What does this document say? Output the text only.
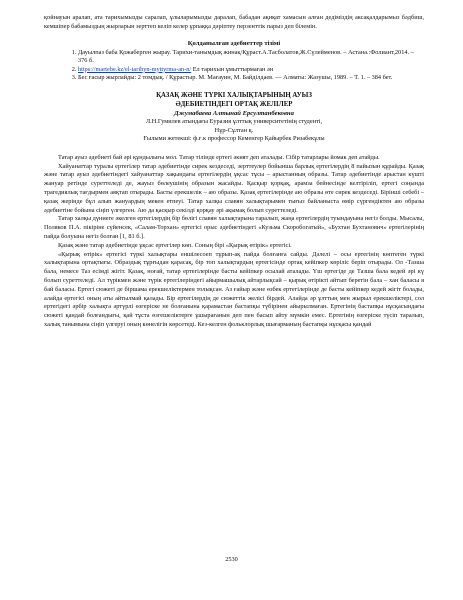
қойнауын аралап, ата тарихымызды саралап, ұлыларымызды даралап, бабадан ақиқат хамасын алған дедіміздің аксақалдарымыз бәдбиш, кемшіпер бабамыздың жырларын зерттеп келіп келер ұрпаққа дәріптеу перзенттік парыз деп білемін.

Қолданылған әдебиеттер тізімі

1. Дауылпаз баба Қожаберген жырау. Тарихи-танымдық жинақ/Құраст.А.Тасболатов,Ж.Сүлейменов. – Астана.:Фолиант,2014. – 376 б.
2. https://martebe.kz/el-tarihyn-myttyrma-an-n/ Ел тарихын ұмыттырмаған ән
3. Бес ғасыр жырлайды: 2 томдық. / Құрастыр. М. Мағауин, М. Байділдаев. — Алматы: Жазушы, 1989. – Т. 1. – 384 бет.

ҚАЗАҚ ЖӘНЕ ТҮРКІ ХАЛЫҚТАРЫНЫҢ АУЫЗ

ӘДЕБИЕТІНДЕГІ ОРТАҚ ЖЕЛІЛЕР

Джумабаева Алтынай Ерсултанбековна

Л.Н.Гумилев атындағы Еуразия ұлттық университетінің студенті,

Нұр-Сұлтан қ.

Ғылыми жетекші: ф.ғ.к профессор Кеменгер Қайырбек Ризабекұлы

Татар ауыз әдебиеті бай әрі құндылығы мол. Татар тілінде ертегі әкият деп аталады. Сібір татарлары йомак деп атайды.

Хайуанаттар туралы ертегілер татар әдебиетінде сирек кездеседі, зерттеулер бойынша барлық ертегілердің 8 пайызын құрайды. Қазақ және татар ауыз әдебиетіндегі хайуанаттар хақындағы ертегілердің ұқсас тұсы – арыстанның образы. Татар әдебиетінде арыстан күшті жануар ретінде суреттеледі де, жауыз бөлеушінің образын жасайды. Қасқыр қорқақ, арамза бейнесінде келтіріліп, ертегі соңында трагедиялық тағдырмен аяқтап отырады. Басты ерекшелік – аю образы. Қазақ ертегілерінде аю образы өте сирек кездеседі. Бірінші себебі – қазақ жерінде бұл алып жануардың мекен етпеуі. Татар халқы славян халықтарымен тығыз байланыста өмір сүргендіктен аю образы әдебиетіне бойына сіңіп үлгерген. Аю да қасқыр секілді қорқау әрі ақымақ болып суреттеледі.

Татар халқы дүниеге әкелген ертегілердің бір бөлігі славян халықтарына таралып, жаңа ертегілердің туындауына негіз болды. Мысалы, Поляков П.А. пікіріне сүйенсек, «Салам-Торхан» ертегісі орыс әдебиетіндегі «Кузьма Скоробогатый», «Бухтан Бухтанович» ертегілерінің пайда болуына негіз болған [1, 81 б.].

Қазақ және татар әдебиетінде ұқсас ертегілер көп. Соның бірі «Қырық өтірік» ертегісі.

«Қырық өтірік» ертегісі түркі халықтары еншілесоеп тұрып-ақ пайда болғанға сайды. Дәлелі – осы ертегінің көптеген түркі халықтарына ортақтығы. Образдық тұрғыдан қарасақ, бір топ халықтардың ертегісінде ортақ кейіпкер көріліс беріп отырады. Ол -Тазша бала, немесе Таз есімді жігіт. Қазақ, ноғай, татар ертегілерінде басты кейіпкер осылай аталады. Үш ертегіде де Тазша бала кедей әрі кү болып суреттеледі. Ал түрікмен және түрік ертегілеріндегі айырмашылық айтарлықсай – қырық өтірікті айтып беретін бала – хан баласы я бай баласы. Ертегі сюжеті де біршама ерекшеліктермен толықсан. Аз ғайыр және өзбек ертегілерінде де басты кейіпкер кедей жігіт болады, алайда ертегісі оның аты айтылмай қалады. Бір ертегілердің де сюжеттік желісі бірдей. Алайда әр ұлттың мен жырыл ерекшеліктері, сол ертегідегі әрбір халықта әртүрлі өзгеріске не болғанына қарамастан бастапқы түбірінен айырылмаған. Ертегінің бастапқы нұсқасындағы сюжеті қандай болғандығы, қай тұста өзгешеліктерге ұшырағанын деп пен басып айту мүмкін емес. Ертегінің өзгеріске түсіп таралып, халық танымына сіңіп үлгеруі оның көнелігін көрсетеді. Кез-келген фольклорлық шығарманың бастапқы нұсқасы қандай

2530
